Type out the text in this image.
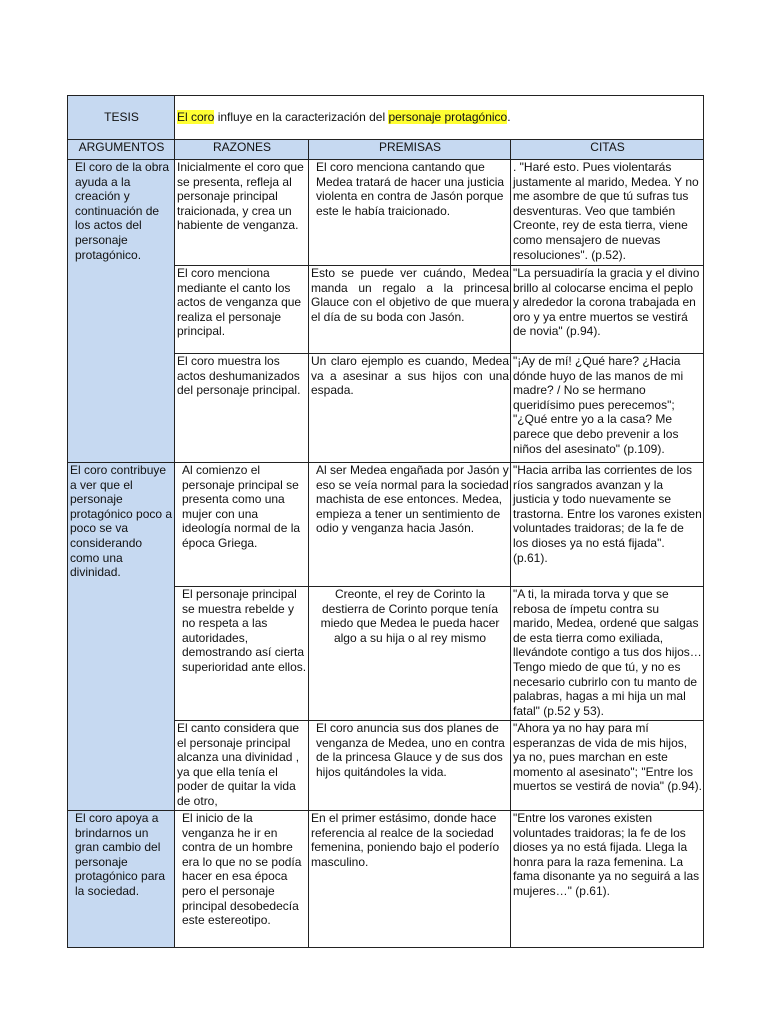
TESIS	El coro influye en la caracterización del personaje protagónico.		
ARGUMENTOS	RAZONES	PREMISAS	CITAS
El coro de la obra ayuda a la creación y continuación de los actos del personaje protagónico.	Inicialmente el coro que se presenta, refleja al personaje principal traicionada, y crea un habiente de venganza.	El coro menciona cantando que Medea tratará de hacer una justicia violenta en contra de Jasón porque este le había traicionado.	. "Haré esto. Pues violentarás justamente al marido, Medea. Y no me asombre de que tú sufras tus desventuras. Veo que también Creonte, rey de esta tierra, viene como mensajero de nuevas resoluciones". (p.52).
	El coro menciona mediante el canto los actos de venganza que realiza el personaje principal.	Esto se puede ver cuándo, Medea manda un regalo a la princesa Glauce con el objetivo de que muera el día de su boda con Jasón.	"La persuadiría la gracia y el divino brillo al colocarse encima el peplo y alrededor la corona trabajada en oro y ya entre muertos se vestirá de novia" (p.94).
	El coro muestra los actos deshumanizados del personaje principal.	Un claro ejemplo es cuando, Medea va a asesinar a sus hijos con una espada.	"¡Ay de mí! ¿Qué hare? ¿Hacia dónde huyo de las manos de mi madre? / No se hermano queridísimo pues perecemos"; "¿Qué entre yo a la casa? Me parece que debo prevenir a los niños del asesinato" (p.109).
El coro contribuye a ver que el personaje protagónico poco a poco se va considerando como una divinidad.	Al comienzo el personaje principal se presenta como una mujer con una ideología normal de la época Griega.	Al ser Medea engañada por Jasón y eso se veía normal para la sociedad machista de ese entonces. Medea, empieza a tener un sentimiento de odio y venganza hacia Jasón.	"Hacia arriba las corrientes de los ríos sangrados avanzan y la justicia y todo nuevamente se trastorna. Entre los varones existen voluntades traidoras; de la fe de los dioses ya no está fijada". (p.61).
	El personaje principal se muestra rebelde y no respeta a las autoridades, demostrando así cierta superioridad ante ellos.	Creonte, el rey de Corinto la destierra de Corinto porque tenía miedo que Medea le pueda hacer algo a su hija o al rey mismo	"A ti, la mirada torva y que se rebosa de ímpetu contra su marido, Medea, ordené que salgas de esta tierra como exiliada, llevándote contigo a tus dos hijos… Tengo miedo de que tú, y no es necesario cubrirlo con tu manto de palabras, hagas a mi hija un mal fatal" (p.52 y 53).
	El canto considera que el personaje principal alcanza una divinidad , ya que ella tenía el poder de quitar la vida de otro,	El coro anuncia sus dos planes de venganza de Medea, uno en contra de la princesa Glauce y de sus dos hijos quitándoles la vida.	"Ahora ya no hay para mí esperanzas de vida de mis hijos, ya no, pues marchan en este momento al asesinato"; "Entre los muertos se vestirá de novia" (p.94).
El coro apoya a brindarnos un gran cambio del personaje protagónico para la sociedad.	El inicio de la venganza he ir en contra de un hombre era lo que no se podía hacer en esa época pero el personaje principal desobedecía este estereotipo.	En el primer estásimo, donde hace referencia al realce de la sociedad femenina, poniendo bajo el poderío masculino.	"Entre los varones existen voluntades traidoras; la fe de los dioses ya no está fijada. Llega la honra para la raza femenina. La fama disonante ya no seguirá a las mujeres…" (p.61).
